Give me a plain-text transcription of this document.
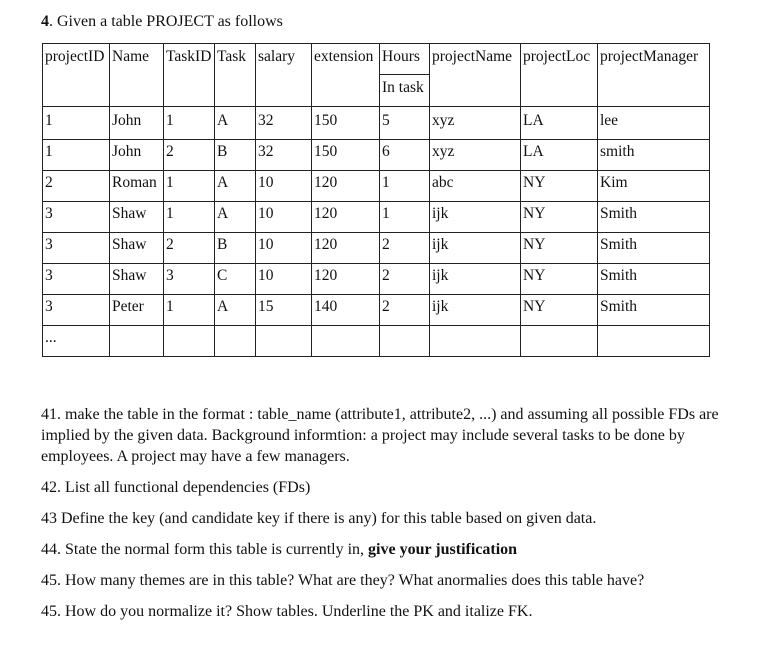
4. Given a table PROJECT as follows
projectID	Name	TaskID	Task	salary	extension	Hours	projectName	projectLoc	projectManager
						In task			
1	John	1	A	32	150	5	xyz	LA	lee
1	John	2	B	32	150	6	xyz	LA	smith
2	Roman	1	A	10	120	1	abc	NY	Kim
3	Shaw	1	A	10	120	1	ijk	NY	Smith
3	Shaw	2	B	10	120	2	ijk	NY	Smith
3	Shaw	3	C	10	120	2	ijk	NY	Smith
3	Peter	1	A	15	140	2	ijk	NY	Smith
...									

41. make the table in the format : table_name (attribute1, attribute2, ...) and assuming all possible FDs are implied by the given data. Background informtion: a project may include several tasks to be done by employees. A project may have a few managers.

42. List all functional dependencies (FDs)

43 Define the key (and candidate key if there is any) for this table based on given data.

44. State the normal form this table is currently in, give your justification

45. How many themes are in this table? What are they? What anormalies does this table have?

45. How do you normalize it? Show tables. Underline the PK and italize FK.
